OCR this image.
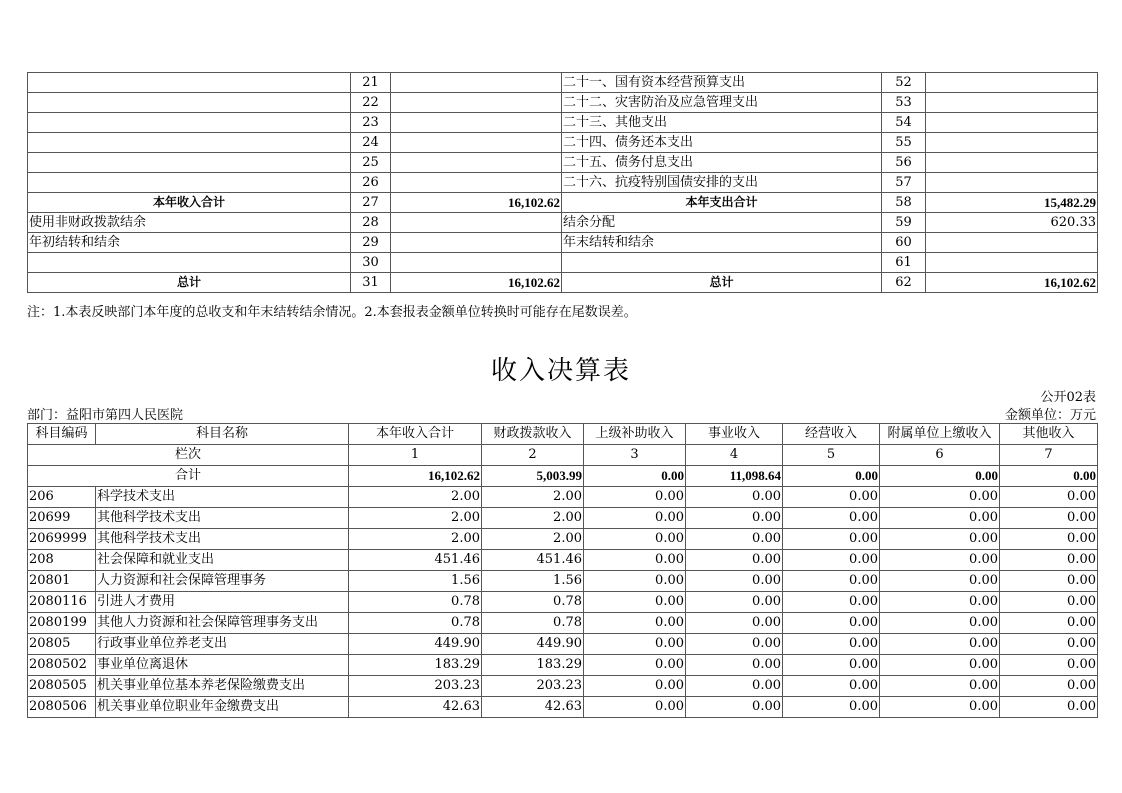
	21		二十一、国有资本经营预算支出	52	
	22		二十二、灾害防治及应急管理支出	53	
	23		二十三、其他支出	54	
	24		二十四、债务还本支出	55	
	25		二十五、债务付息支出	56	
	26		二十六、抗疫特别国债安排的支出	57	
本年收入合计	27	16,102.62	本年支出合计	58	15,482.29
使用非财政拨款结余	28		结余分配	59	620.33
年初结转和结余	29		年末结转和结余	60	
	30			61	
总计	31	16,102.62	总计	62	16,102.62
注：1.本表反映部门本年度的总收支和年末结转结余情况。2.本套报表金额单位转换时可能存在尾数误差。
收入决算表
公开02表
部门：益阳市第四人民医院	金额单位：万元
科目编码	科目名称	本年收入合计	财政拨款收入	上级补助收入	事业收入	经营收入	附属单位上缴收入	其他收入
栏次		1	2	3	4	5	6	7
合计		16,102.62	5,003.99	0.00	11,098.64	0.00	0.00	0.00
206	科学技术支出	2.00	2.00	0.00	0.00	0.00	0.00	0.00
20699	其他科学技术支出	2.00	2.00	0.00	0.00	0.00	0.00	0.00
2069999	其他科学技术支出	2.00	2.00	0.00	0.00	0.00	0.00	0.00
208	社会保障和就业支出	451.46	451.46	0.00	0.00	0.00	0.00	0.00
20801	人力资源和社会保障管理事务	1.56	1.56	0.00	0.00	0.00	0.00	0.00
2080116	引进人才费用	0.78	0.78	0.00	0.00	0.00	0.00	0.00
2080199	其他人力资源和社会保障管理事务支出	0.78	0.78	0.00	0.00	0.00	0.00	0.00
20805	行政事业单位养老支出	449.90	449.90	0.00	0.00	0.00	0.00	0.00
2080502	事业单位离退休	183.29	183.29	0.00	0.00	0.00	0.00	0.00
2080505	机关事业单位基本养老保险缴费支出	203.23	203.23	0.00	0.00	0.00	0.00	0.00
2080506	机关事业单位职业年金缴费支出	42.63	42.63	0.00	0.00	0.00	0.00	0.00
